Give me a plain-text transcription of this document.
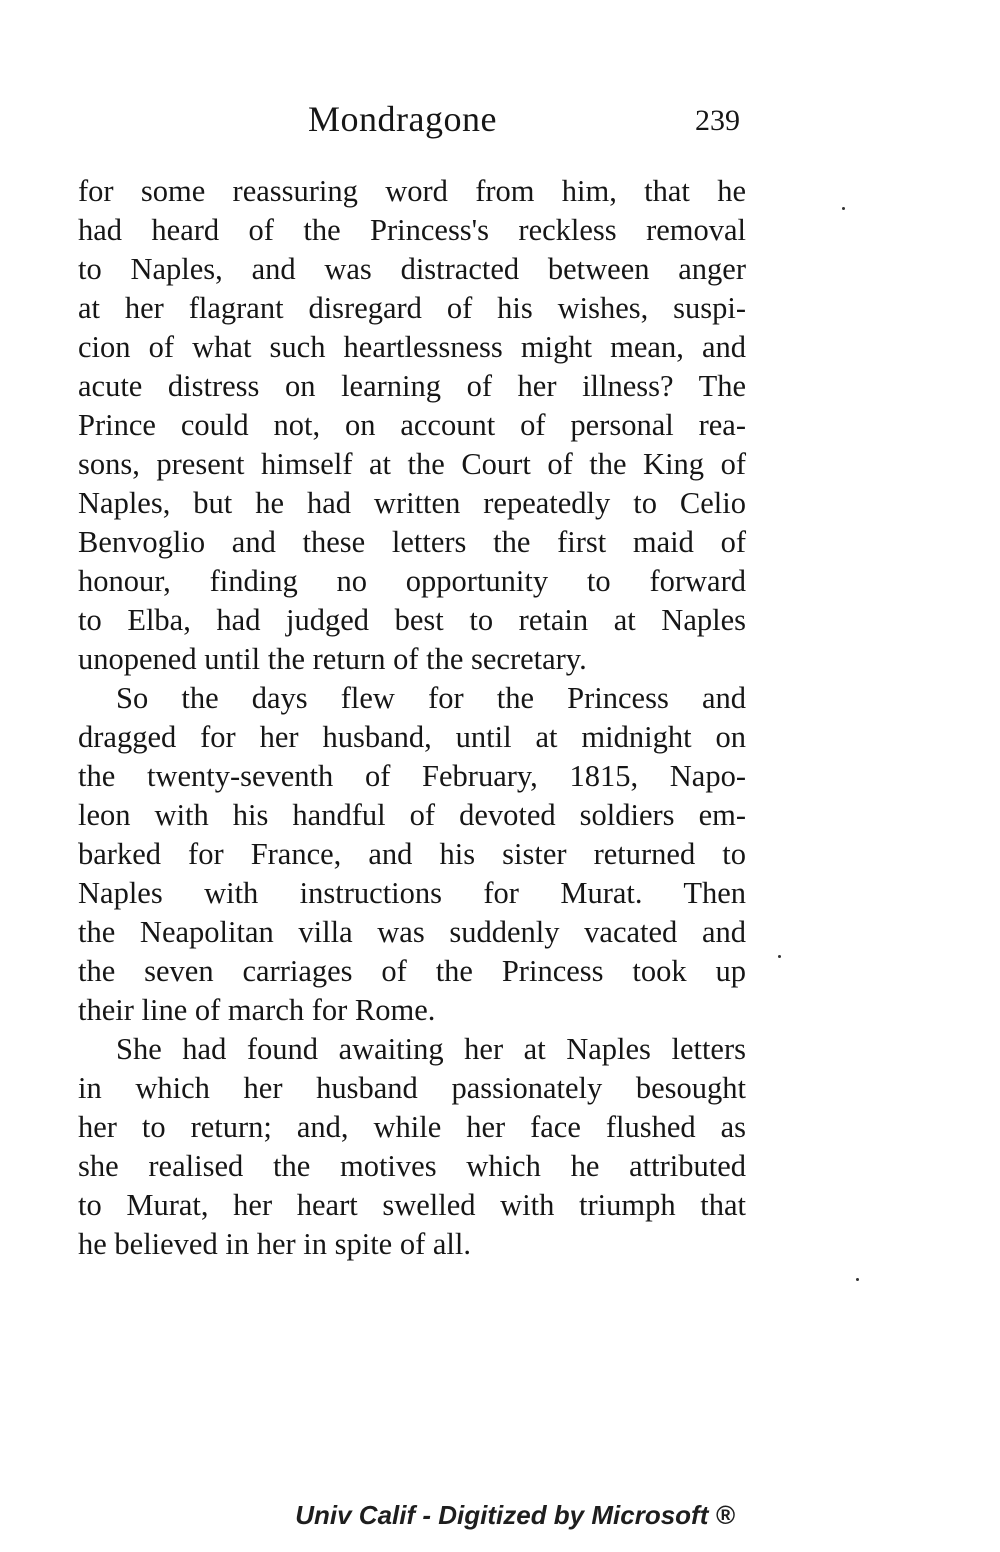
Mondragone	239
for some reassuring word from him, that he
had heard of the Princess's reckless removal
to Naples, and was distracted between anger
at her flagrant disregard of his wishes, suspi-
cion of what such heartlessness might mean, and
acute distress on learning of her illness? The
Prince could not, on account of personal rea-
sons, present himself at the Court of the King of
Naples, but he had written repeatedly to Celio
Benvoglio and these letters the first maid of
honour, finding no opportunity to forward
to Elba, had judged best to retain at Naples
unopened until the return of the secretary.
So the days flew for the Princess and
dragged for her husband, until at midnight on
the twenty-seventh of February, 1815, Napo-
leon with his handful of devoted soldiers em-
barked for France, and his sister returned to
Naples with instructions for Murat. Then
the Neapolitan villa was suddenly vacated and
the seven carriages of the Princess took up
their line of march for Rome.
She had found awaiting her at Naples letters
in which her husband passionately besought
her to return; and, while her face flushed as
she realised the motives which he attributed
to Murat, her heart swelled with triumph that
he believed in her in spite of all.
Univ Calif - Digitized by Microsoft ®
